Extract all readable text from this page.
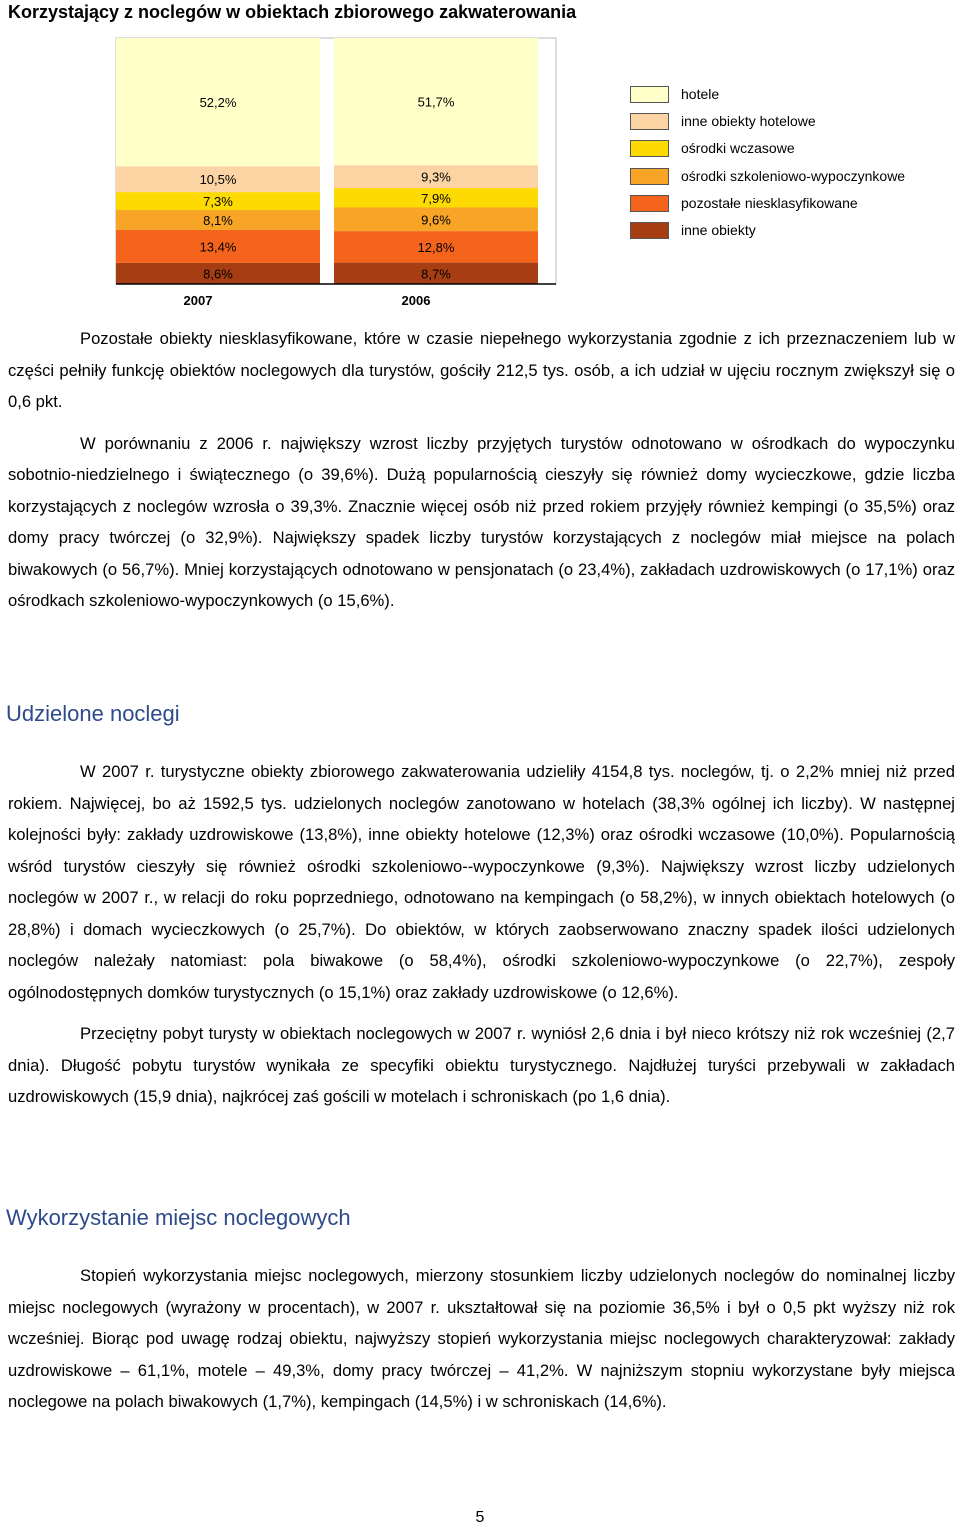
Korzystający z noclegów w obiektach zbiorowego zakwaterowania
52,2%
10,5%
7,3%
8,1%
13,4%
8,6%
2007
51,7%
9,3%
7,9%
9,6%
12,8%
8,7%
2006
hotele
inne obiekty hotelowe
ośrodki wczasowe
ośrodki szkoleniowo-wypoczynkowe
pozostałe niesklasyfikowane
inne obiekty

Pozostałe obiekty niesklasyfikowane, które w czasie niepełnego wykorzystania zgodnie z ich przeznaczeniem lub w części pełniły funkcję obiektów noclegowych dla turystów, gościły 212,5 tys. osób, a ich udział w ujęciu rocznym zwiększył się o 0,6 pkt.

W porównaniu z 2006 r. największy wzrost liczby przyjętych turystów odnotowano w ośrodkach do wypoczynku sobotnio-niedzielnego i świątecznego (o 39,6%). Dużą popularnością cieszyły się również domy wycieczkowe, gdzie liczba korzystających z noclegów wzrosła o 39,3%. Znacznie więcej osób niż przed rokiem przyjęły również kempingi (o 35,5%) oraz domy pracy twórczej (o 32,9%). Największy spadek liczby turystów korzystających z noclegów miał miejsce na polach biwakowych (o 56,7%). Mniej korzystających odnotowano w pensjonatach (o 23,4%), zakładach uzdrowiskowych (o 17,1%) oraz ośrodkach szkoleniowo-wypoczynkowych (o 15,6%).

Udzielone noclegi

W 2007 r. turystyczne obiekty zbiorowego zakwaterowania udzieliły 4154,8 tys. noclegów, tj. o 2,2% mniej niż przed rokiem. Najwięcej, bo aż 1592,5 tys. udzielonych noclegów zanotowano w hotelach (38,3% ogólnej ich liczby). W następnej kolejności były: zakłady uzdrowiskowe (13,8%), inne obiekty hotelowe (12,3%) oraz ośrodki wczasowe (10,0%). Popularnością wśród turystów cieszyły się również ośrodki szkoleniowo--wypoczynkowe (9,3%). Największy wzrost liczby udzielonych noclegów w 2007 r., w relacji do roku poprzedniego, odnotowano na kempingach (o 58,2%), w innych obiektach hotelowych (o 28,8%) i domach wycieczkowych (o 25,7%). Do obiektów, w których zaobserwowano znaczny spadek ilości udzielonych noclegów należały natomiast: pola biwakowe (o 58,4%), ośrodki szkoleniowo-wypoczynkowe (o 22,7%), zespoły ogólnodostępnych domków turystycznych (o 15,1%) oraz zakłady uzdrowiskowe (o 12,6%).

Przeciętny pobyt turysty w obiektach noclegowych w 2007 r. wyniósł 2,6 dnia i był nieco krótszy niż rok wcześniej (2,7 dnia). Długość pobytu turystów wynikała ze specyfiki obiektu turystycznego. Najdłużej turyści przebywali w zakładach uzdrowiskowych (15,9 dnia), najkrócej zaś gościli w motelach i schroniskach (po 1,6 dnia).

Wykorzystanie miejsc noclegowych

Stopień wykorzystania miejsc noclegowych, mierzony stosunkiem liczby udzielonych noclegów do nominalnej liczby miejsc noclegowych (wyrażony w procentach), w 2007 r. ukształtował się na poziomie 36,5% i był o 0,5 pkt wyższy niż rok wcześniej. Biorąc pod uwagę rodzaj obiektu, najwyższy stopień wykorzystania miejsc noclegowych charakteryzował: zakłady uzdrowiskowe – 61,1%, motele – 49,3%, domy pracy twórczej – 41,2%. W najniższym stopniu wykorzystane były miejsca noclegowe na polach biwakowych (1,7%), kempingach (14,5%) i w schroniskach (14,6%).

5
